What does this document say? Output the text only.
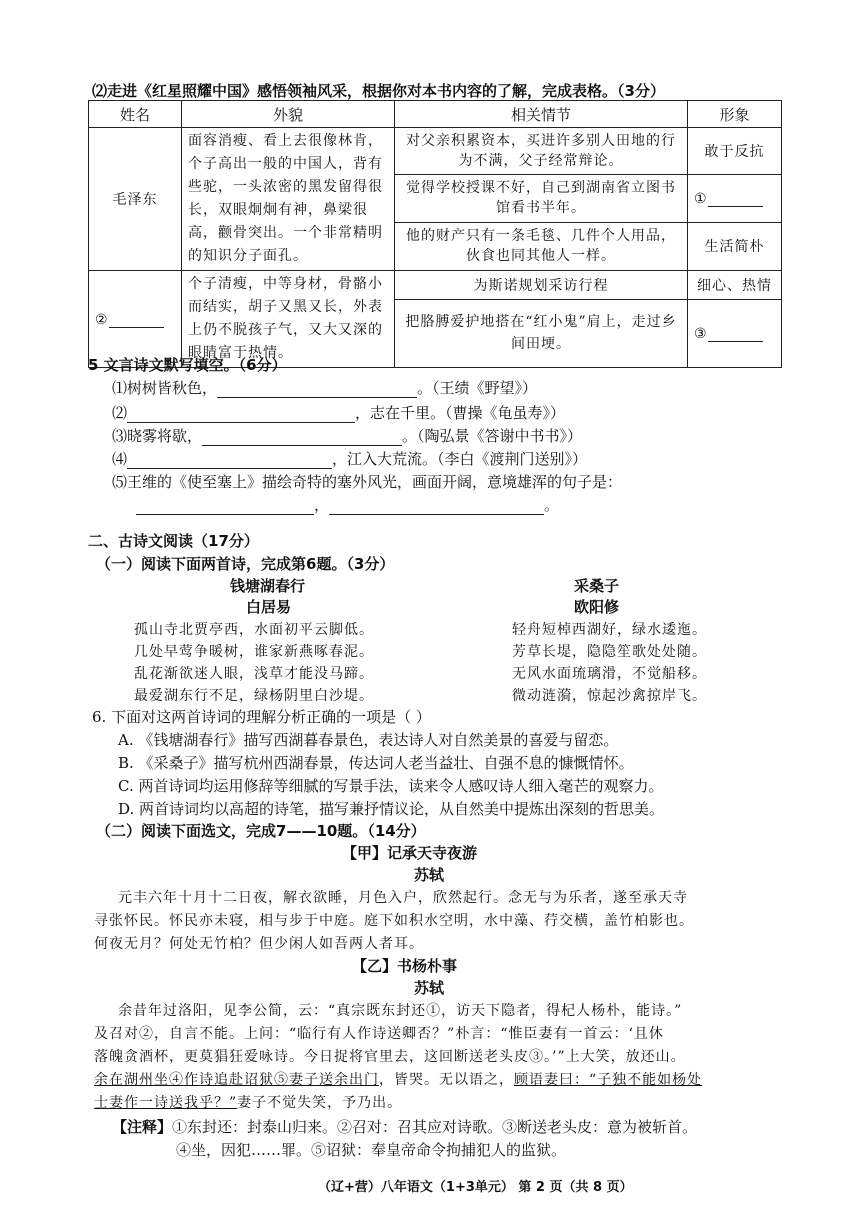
⑵走进《红星照耀中国》感悟领袖风采，根据你对本书内容的了解，完成表格。（3分）
姓名	外貌	相关情节	形象
毛泽东	面容消瘦、看上去很像林肯，个子高出一般的中国人，背有些驼，一头浓密的黑发留得很长，双眼炯炯有神，鼻梁很高，颧骨突出。一个非常精明的知识分子面孔。	对父亲积累资本，买进许多别人田地的行为不满，父子经常辩论。	敢于反抗
		觉得学校授课不好，自己到湖南省立图书馆看书半年。	①
		他的财产只有一条毛毯、几件个人用品，伙食也同其他人一样。	生活简朴
②	个子清瘦，中等身材，骨骼小而结实，胡子又黑又长，外表上仍不脱孩子气，又大又深的眼睛富于热情。	为斯诺规划采访行程	细心、热情
		把胳膊爱护地搭在“红小鬼”肩上，走过乡间田埂。	③
5 文言诗文默写填空。（6分）
⑴树树皆秋色，	。（王绩《野望》）
⑵	，志在千里。（曹操《龟虽寿》）
⑶晓雾将歇，	。（陶弘景《答谢中书书》）
⑷	，江入大荒流。（李白《渡荆门送别》）
⑸王维的《使至塞上》描绘奇特的塞外风光，画面开阔，意境雄浑的句子是：
，	。
二、古诗文阅读（17分）
（一）阅读下面两首诗，完成第6题。（3分）
钱塘湖春行
白居易
孤山寺北贾亭西，水面初平云脚低。
几处早莺争暖树，谁家新燕啄春泥。
乱花渐欲迷人眼，浅草才能没马蹄。
最爱湖东行不足，绿杨阴里白沙堤。
采桑子
欧阳修
轻舟短棹西湖好，绿水逶迤。
芳草长堤，隐隐笙歌处处随。
无风水面琉璃滑，不觉船移。
微动涟漪，惊起沙禽掠岸飞。
6. 下面对这两首诗词的理解分析正确的一项是（ ）
A. 《钱塘湖春行》描写西湖暮春景色，表达诗人对自然美景的喜爱与留恋。
B. 《采桑子》描写杭州西湖春景，传达词人老当益壮、自强不息的慷慨情怀。
C. 两首诗词均运用修辞等细腻的写景手法，读来令人感叹诗人细入毫芒的观察力。
D. 两首诗词均以高超的诗笔，描写兼抒情议论，从自然美中提炼出深刻的哲思美。
（二）阅读下面选文，完成7——10题。（14分）
【甲】记承天寺夜游
苏轼
元丰六年十月十二日夜，解衣欲睡，月色入户，欣然起行。念无与为乐者，遂至承天寺
寻张怀民。怀民亦未寝，相与步于中庭。庭下如积水空明，水中藻、荇交横，盖竹柏影也。
何夜无月？何处无竹柏？但少闲人如吾两人者耳。
【乙】书杨朴事
苏轼
余昔年过洛阳，见李公简，云：“真宗既东封还①，访天下隐者，得杞人杨朴，能诗。”
及召对②，自言不能。上问：“临行有人作诗送卿否？”朴言：“惟臣妻有一首云：‘且休
落魄贪酒杯，更莫猖狂爱咏诗。今日捉将官里去，这回断送老头皮③。’”上大笑，放还山。
余在湖州坐④作诗追赴诏狱⑤妻子送余出门，皆哭。无以语之，顾语妻曰：“子独不能如杨处
士妻作一诗送我乎？”妻子不觉失笑，予乃出。
【注释】①东封还：封泰山归来。②召对：召其应对诗歌。③断送老头皮：意为被斩首。
④坐，因犯……罪。⑤诏狱：奉皇帝命令拘捕犯人的监狱。
（辽+营）八年语文（1+3单元） 第 2 页（共 8 页）
